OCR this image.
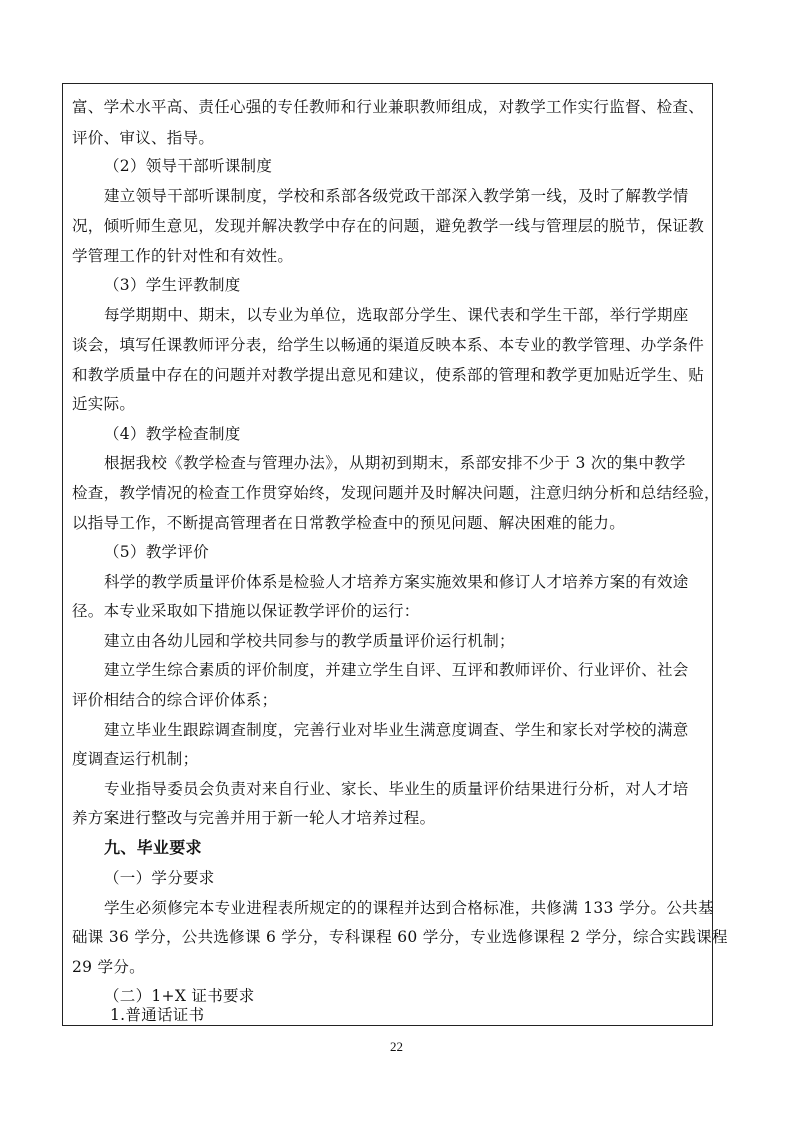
富、学术水平高、责任心强的专任教师和行业兼职教师组成，对教学工作实行监督、检查、
评价、审议、指导。
（2）领导干部听课制度
建立领导干部听课制度，学校和系部各级党政干部深入教学第一线，及时了解教学情
况，倾听师生意见，发现并解决教学中存在的问题，避免教学一线与管理层的脱节，保证教
学管理工作的针对性和有效性。
（3）学生评教制度
每学期期中、期末，以专业为单位，选取部分学生、课代表和学生干部，举行学期座
谈会，填写任课教师评分表，给学生以畅通的渠道反映本系、本专业的教学管理、办学条件
和教学质量中存在的问题并对教学提出意见和建议，使系部的管理和教学更加贴近学生、贴
近实际。
（4）教学检查制度
根据我校《教学检查与管理办法》，从期初到期末，系部安排不少于 3 次的集中教学
检查，教学情况的检查工作贯穿始终，发现问题并及时解决问题，注意归纳分析和总结经验，
以指导工作，不断提高管理者在日常教学检查中的预见问题、解决困难的能力。
（5）教学评价
科学的教学质量评价体系是检验人才培养方案实施效果和修订人才培养方案的有效途
径。本专业采取如下措施以保证教学评价的运行：
建立由各幼儿园和学校共同参与的教学质量评价运行机制；
建立学生综合素质的评价制度，并建立学生自评、互评和教师评价、行业评价、社会
评价相结合的综合评价体系；
建立毕业生跟踪调查制度，完善行业对毕业生满意度调查、学生和家长对学校的满意
度调查运行机制；
专业指导委员会负责对来自行业、家长、毕业生的质量评价结果进行分析，对人才培
养方案进行整改与完善并用于新一轮人才培养过程。
九、毕业要求
（一）学分要求
学生必须修完本专业进程表所规定的的课程并达到合格标准，共修满 133 学分。公共基
础课 36 学分，公共选修课 6 学分，专科课程 60 学分，专业选修课程 2 学分，综合实践课程
29 学分。
（二）1+X 证书要求
1.普通话证书
22
